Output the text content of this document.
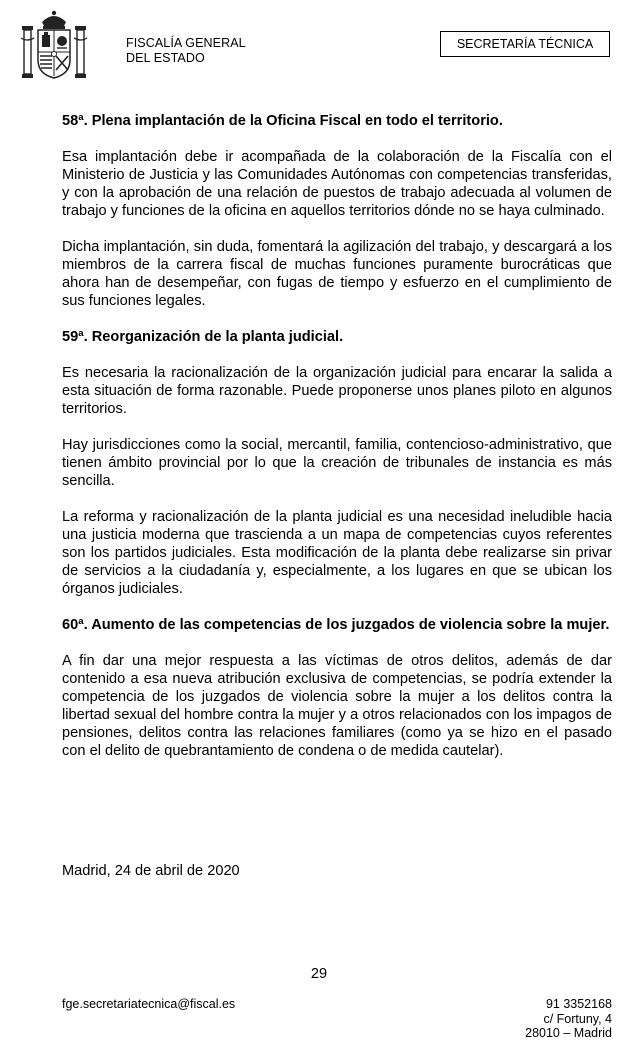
FISCALÍA GENERAL
DEL ESTADO
SECRETARÍA TÉCNICA
58ª. Plena implantación de la Oficina Fiscal en todo el territorio.

Esa implantación debe ir acompañada de la colaboración de la Fiscalía con el Ministerio de Justicia y las Comunidades Autónomas con competencias transferidas, y con la aprobación de una relación de puestos de trabajo adecuada al volumen de trabajo y funciones de la oficina en aquellos territorios dónde no se haya culminado.

Dicha implantación, sin duda, fomentará la agilización del trabajo, y descargará a los miembros de la carrera fiscal de muchas funciones puramente burocráticas que ahora han de desempeñar, con fugas de tiempo y esfuerzo en el cumplimiento de sus funciones legales.

59ª. Reorganización de la planta judicial.

Es necesaria la racionalización de la organización judicial para encarar la salida a esta situación de forma razonable. Puede proponerse unos planes piloto en algunos territorios.

Hay jurisdicciones como la social, mercantil, familia, contencioso-administrativo, que tienen ámbito provincial por lo que la creación de tribunales de instancia es más sencilla.

La reforma y racionalización de la planta judicial es una necesidad ineludible hacia una justicia moderna que trascienda a un mapa de competencias cuyos referentes son los partidos judiciales. Esta modificación de la planta debe realizarse sin privar de servicios a la ciudadanía y, especialmente, a los lugares en que se ubican los órganos judiciales.

60ª. Aumento de las competencias de los juzgados de violencia sobre la mujer.

A fin dar una mejor respuesta a las víctimas de otros delitos, además de dar contenido a esa nueva atribución exclusiva de competencias, se podría extender la competencia de los juzgados de violencia sobre la mujer a los delitos contra la libertad sexual del hombre contra la mujer y a otros relacionados con los impagos de pensiones, delitos contra las relaciones familiares (como ya se hizo en el pasado con el delito de quebrantamiento de condena o de medida cautelar).

Madrid, 24 de abril de 2020
29
fge.secretariatecnica@fiscal.es	91 3352168
c/ Fortuny, 4
28010 – Madrid
